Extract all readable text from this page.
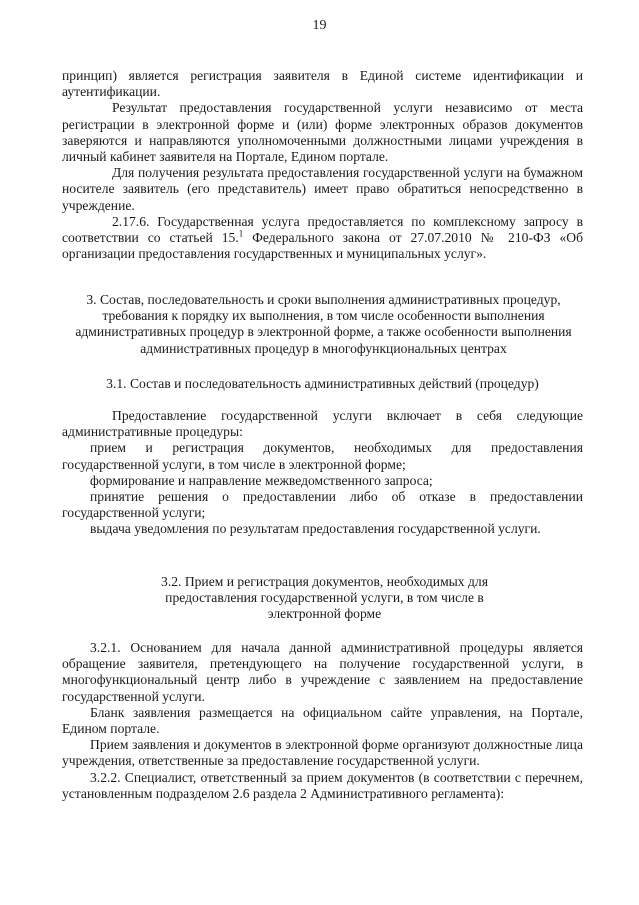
19

принцип) является регистрация заявителя в Единой системе идентификации и аутентификации.

Результат предоставления государственной услуги независимо от места регистрации в электронной форме и (или) форме электронных образов документов заверяются и направляются уполномоченными должностными лицами учреждения в личный кабинет заявителя на Портале, Едином портале.

Для получения результата предоставления государственной услуги на бумажном носителе заявитель (его представитель) имеет право обратиться непосредственно в учреждение.

2.17.6. Государственная услуга предоставляется по комплексному запросу в соответствии со статьей 15.$^1$ Федерального закона от 27.07.2010 № 210-ФЗ «Об организации предоставления государственных и муниципальных услуг».

3. Состав, последовательность и сроки выполнения административных процедур, требования к порядку их выполнения, в том числе особенности выполнения административных процедур в электронной форме, а также особенности выполнения административных процедур в многофункциональных центрах

3.1. Состав и последовательность административных действий (процедур)

Предоставление государственной услуги включает в себя следующие административные процедуры:

прием и регистрация документов, необходимых для предоставления государственной услуги, в том числе в электронной форме;

формирование и направление межведомственного запроса;

принятие решения о предоставлении либо об отказе в предоставлении государственной услуги;

выдача уведомления по результатам предоставления государственной услуги.

3.2. Прием и регистрация документов, необходимых для предоставления государственной услуги, в том числе в электронной форме

3.2.1. Основанием для начала данной административной процедуры является обращение заявителя, претендующего на получение государственной услуги, в многофункциональный центр либо в учреждение с заявлением на предоставление государственной услуги.

Бланк заявления размещается на официальном сайте управления, на Портале, Едином портале.

Прием заявления и документов в электронной форме организуют должностные лица учреждения, ответственные за предоставление государственной услуги.

3.2.2. Специалист, ответственный за прием документов (в соответствии с перечнем, установленным подразделом 2.6 раздела 2 Административного регламента):
